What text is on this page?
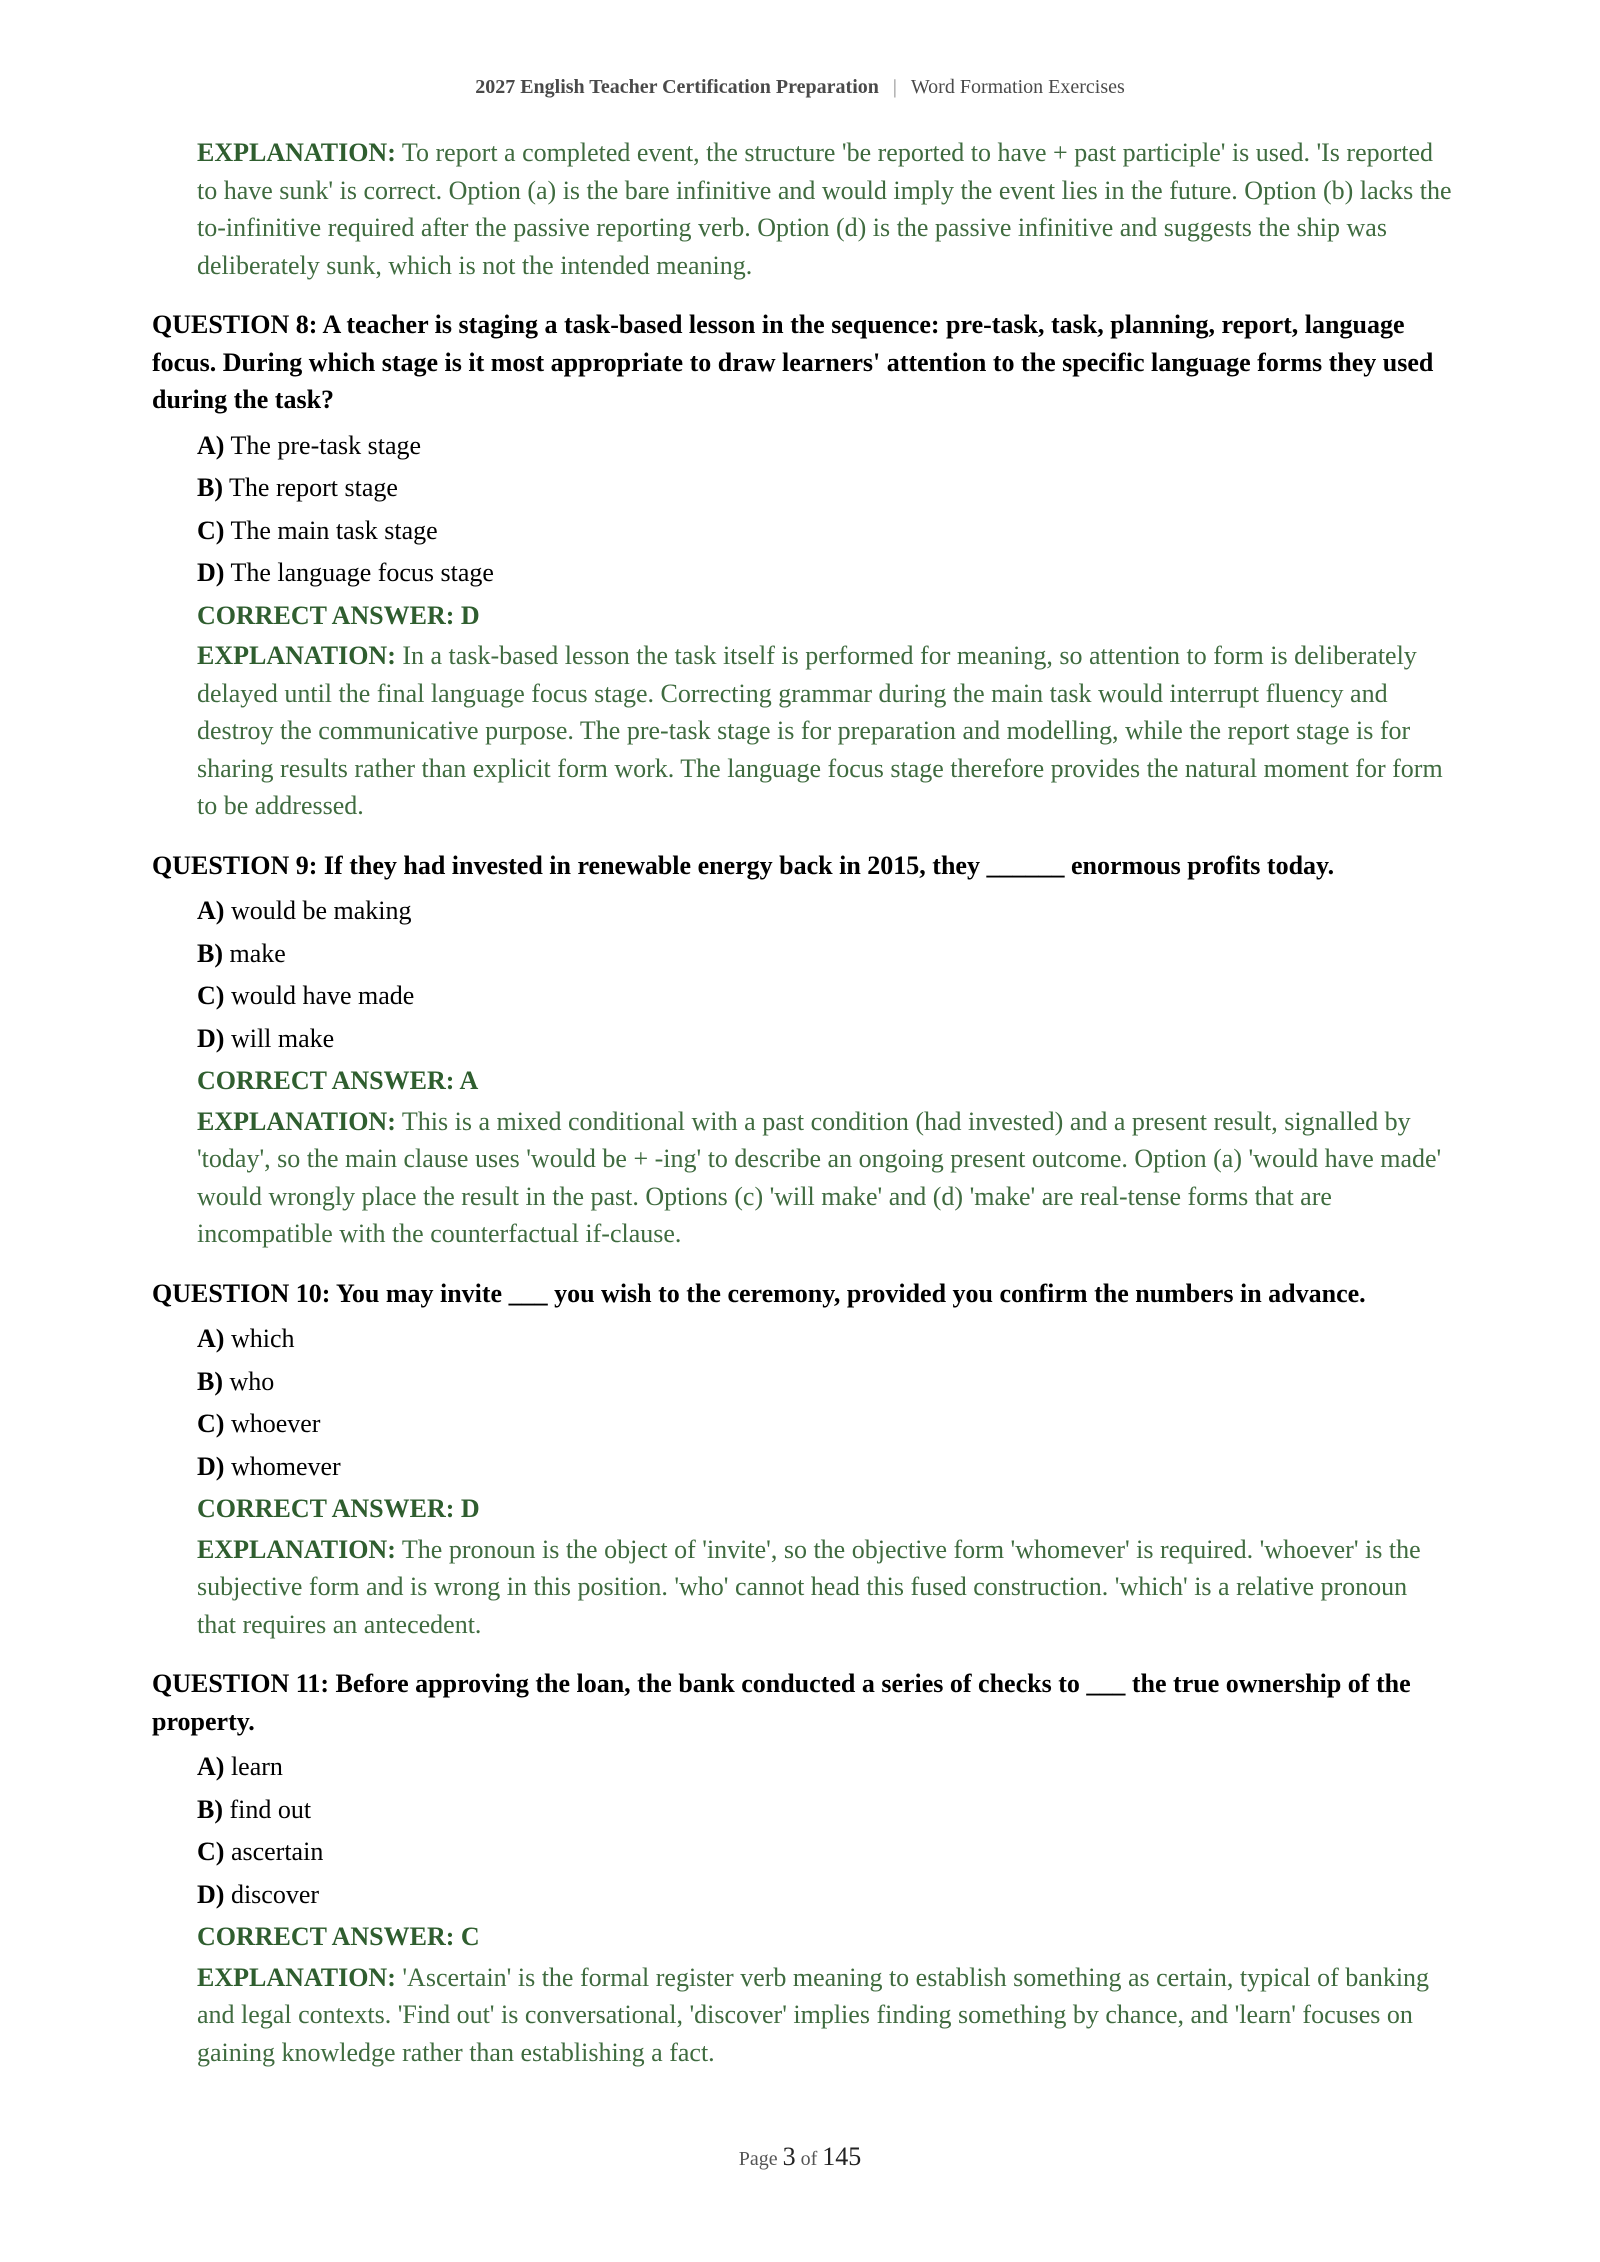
2027 English Teacher Certification Preparation | Word Formation Exercises
EXPLANATION: To report a completed event, the structure 'be reported to have + past participle' is used. 'Is reported to have sunk' is correct. Option (a) is the bare infinitive and would imply the event lies in the future. Option (b) lacks the to-infinitive required after the passive reporting verb. Option (d) is the passive infinitive and suggests the ship was deliberately sunk, which is not the intended meaning.
QUESTION 8: A teacher is staging a task-based lesson in the sequence: pre-task, task, planning, report, language focus. During which stage is it most appropriate to draw learners' attention to the specific language forms they used during the task?
A) The pre-task stage
B) The report stage
C) The main task stage
D) The language focus stage
CORRECT ANSWER: D
EXPLANATION: In a task-based lesson the task itself is performed for meaning, so attention to form is deliberately delayed until the final language focus stage. Correcting grammar during the main task would interrupt fluency and destroy the communicative purpose. The pre-task stage is for preparation and modelling, while the report stage is for sharing results rather than explicit form work. The language focus stage therefore provides the natural moment for form to be addressed.
QUESTION 9: If they had invested in renewable energy back in 2015, they ______ enormous profits today.
A) would be making
B) make
C) would have made
D) will make
CORRECT ANSWER: A
EXPLANATION: This is a mixed conditional with a past condition (had invested) and a present result, signalled by 'today', so the main clause uses 'would be + -ing' to describe an ongoing present outcome. Option (a) 'would have made' would wrongly place the result in the past. Options (c) 'will make' and (d) 'make' are real-tense forms that are incompatible with the counterfactual if-clause.
QUESTION 10: You may invite ___ you wish to the ceremony, provided you confirm the numbers in advance.
A) which
B) who
C) whoever
D) whomever
CORRECT ANSWER: D
EXPLANATION: The pronoun is the object of 'invite', so the objective form 'whomever' is required. 'whoever' is the subjective form and is wrong in this position. 'who' cannot head this fused construction. 'which' is a relative pronoun that requires an antecedent.
QUESTION 11: Before approving the loan, the bank conducted a series of checks to ___ the true ownership of the property.
A) learn
B) find out
C) ascertain
D) discover
CORRECT ANSWER: C
EXPLANATION: 'Ascertain' is the formal register verb meaning to establish something as certain, typical of banking and legal contexts. 'Find out' is conversational, 'discover' implies finding something by chance, and 'learn' focuses on gaining knowledge rather than establishing a fact.
Page 3 of 145
